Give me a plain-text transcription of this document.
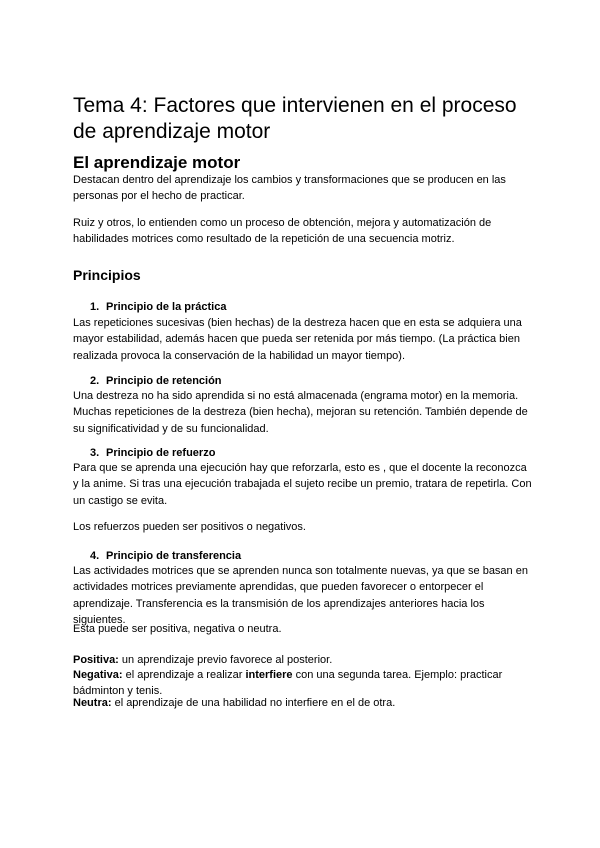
Tema 4: Factores que intervienen en el proceso de aprendizaje motor
El aprendizaje motor

Destacan dentro del aprendizaje los cambios y transformaciones que se producen en las personas por el hecho de practicar.

Ruiz y otros, lo entienden como un proceso de obtención, mejora y automatización de habilidades motrices como resultado de la repetición de una secuencia motriz.

Principios
1. Principio de la práctica

Las repeticiones sucesivas (bien hechas) de la destreza hacen que en esta se adquiera una mayor estabilidad, además hacen que pueda ser retenida por más tiempo. (La práctica bien realizada provoca la conservación de la habilidad un mayor tiempo).

2. Principio de retención

Una destreza no ha sido aprendida si no está almacenada (engrama motor) en la memoria. Muchas repeticiones de la destreza (bien hecha), mejoran su retención. También depende de su significatividad y de su funcionalidad.

3. Principio de refuerzo

Para que se aprenda una ejecución hay que reforzarla, esto es , que el docente la reconozca y la anime. Si tras una ejecución trabajada el sujeto recibe un premio, tratara de repetirla. Con un castigo se evita.

Los refuerzos pueden ser positivos o negativos.

4. Principio de transferencia

Las actividades motrices que se aprenden nunca son totalmente nuevas, ya que se basan en actividades motrices previamente aprendidas, que pueden favorecer o entorpecer el aprendizaje. Transferencia es la transmisión de los aprendizajes anteriores hacia los siguientes.

Esta puede ser positiva, negativa o neutra.

Positiva: un aprendizaje previo favorece al posterior.

Negativa: el aprendizaje a realizar interfiere con una segunda tarea. Ejemplo: practicar bádminton y tenis.

Neutra: el aprendizaje de una habilidad no interfiere en el de otra.
